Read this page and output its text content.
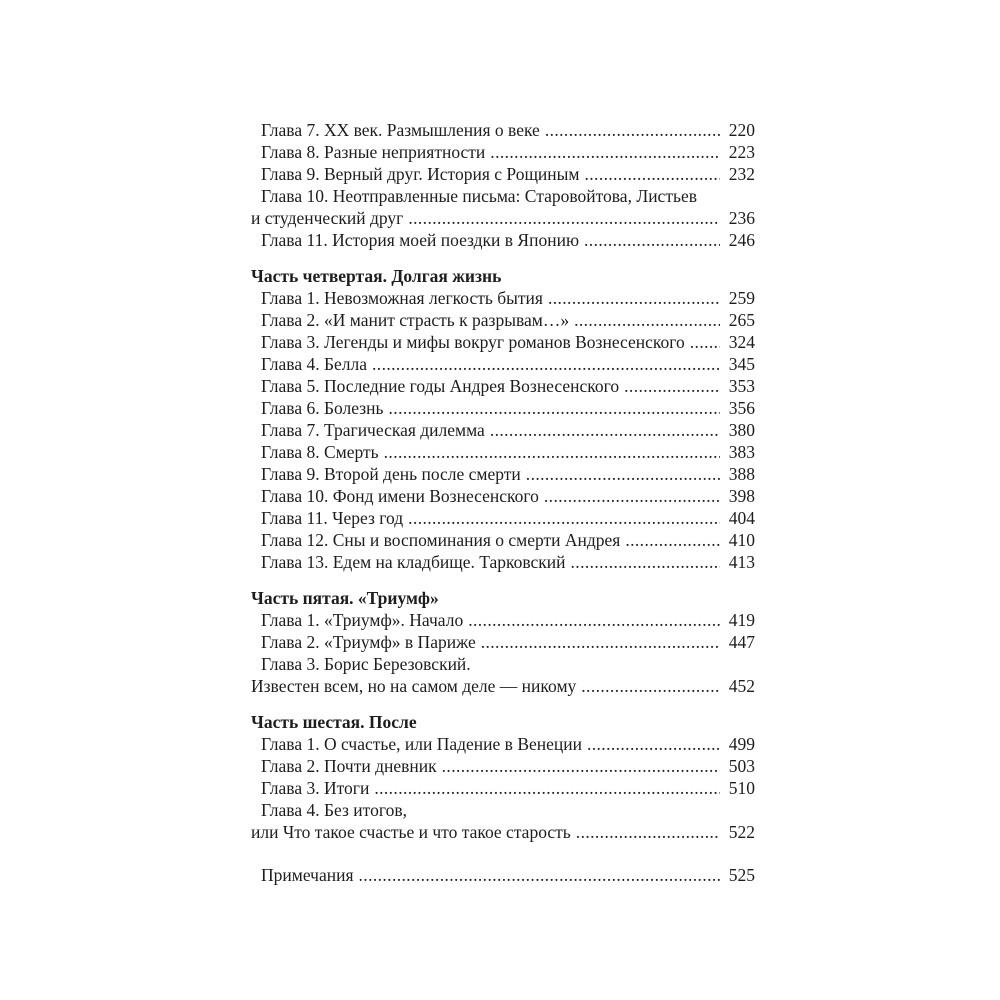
Глава 7. XX век. Размышления о веке .....	220
Глава 8. Разные неприятности .....	223
Глава 9. Верный друг. История с Рощиным .....	232
Глава 10. Неотправленные письма: Старовойтова, Листьев
и студенческий друг .....	236
Глава 11. История моей поездки в Японию .....	246
Часть четвертая. Долгая жизнь
Глава 1. Невозможная легкость бытия .....	259
Глава 2. «И манит страсть к разрывам…» .....	265
Глава 3. Легенды и мифы вокруг романов Вознесенского .....	324
Глава 4. Белла .....	345
Глава 5. Последние годы Андрея Вознесенского .....	353
Глава 6. Болезнь .....	356
Глава 7. Трагическая дилемма .....	380
Глава 8. Смерть .....	383
Глава 9. Второй день после смерти .....	388
Глава 10. Фонд имени Вознесенского .....	398
Глава 11. Через год .....	404
Глава 12. Сны и воспоминания о смерти Андрея .....	410
Глава 13. Едем на кладбище. Тарковский .....	413
Часть пятая. «Триумф»
Глава 1. «Триумф». Начало .....	419
Глава 2. «Триумф» в Париже .....	447
Глава 3. Борис Березовский.
Известен всем, но на самом деле — никому .....	452
Часть шестая. После
Глава 1. О счастье, или Падение в Венеции .....	499
Глава 2. Почти дневник .....	503
Глава 3. Итоги .....	510
Глава 4. Без итогов,
или Что такое счастье и что такое старость .....	522
Примечания .....	525
